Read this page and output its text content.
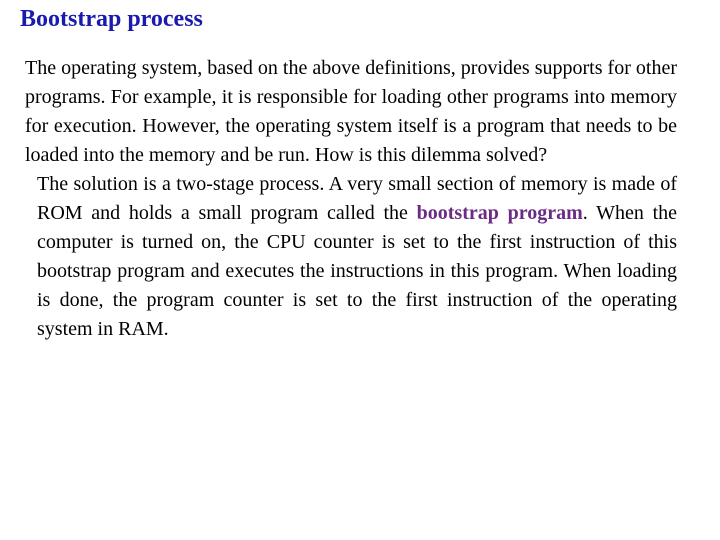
Bootstrap process

The operating system, based on the above definitions, provides supports for other programs. For example, it is responsible for loading other programs into memory for execution. However, the operating system itself is a program that needs to be loaded into the memory and be run. How is this dilemma solved?

The solution is a two-stage process. A very small section of memory is made of ROM and holds a small program called the bootstrap program. When the computer is turned on, the CPU counter is set to the first instruction of this bootstrap program and executes the instructions in this program. When loading is done, the program counter is set to the first instruction of the operating system in RAM.
